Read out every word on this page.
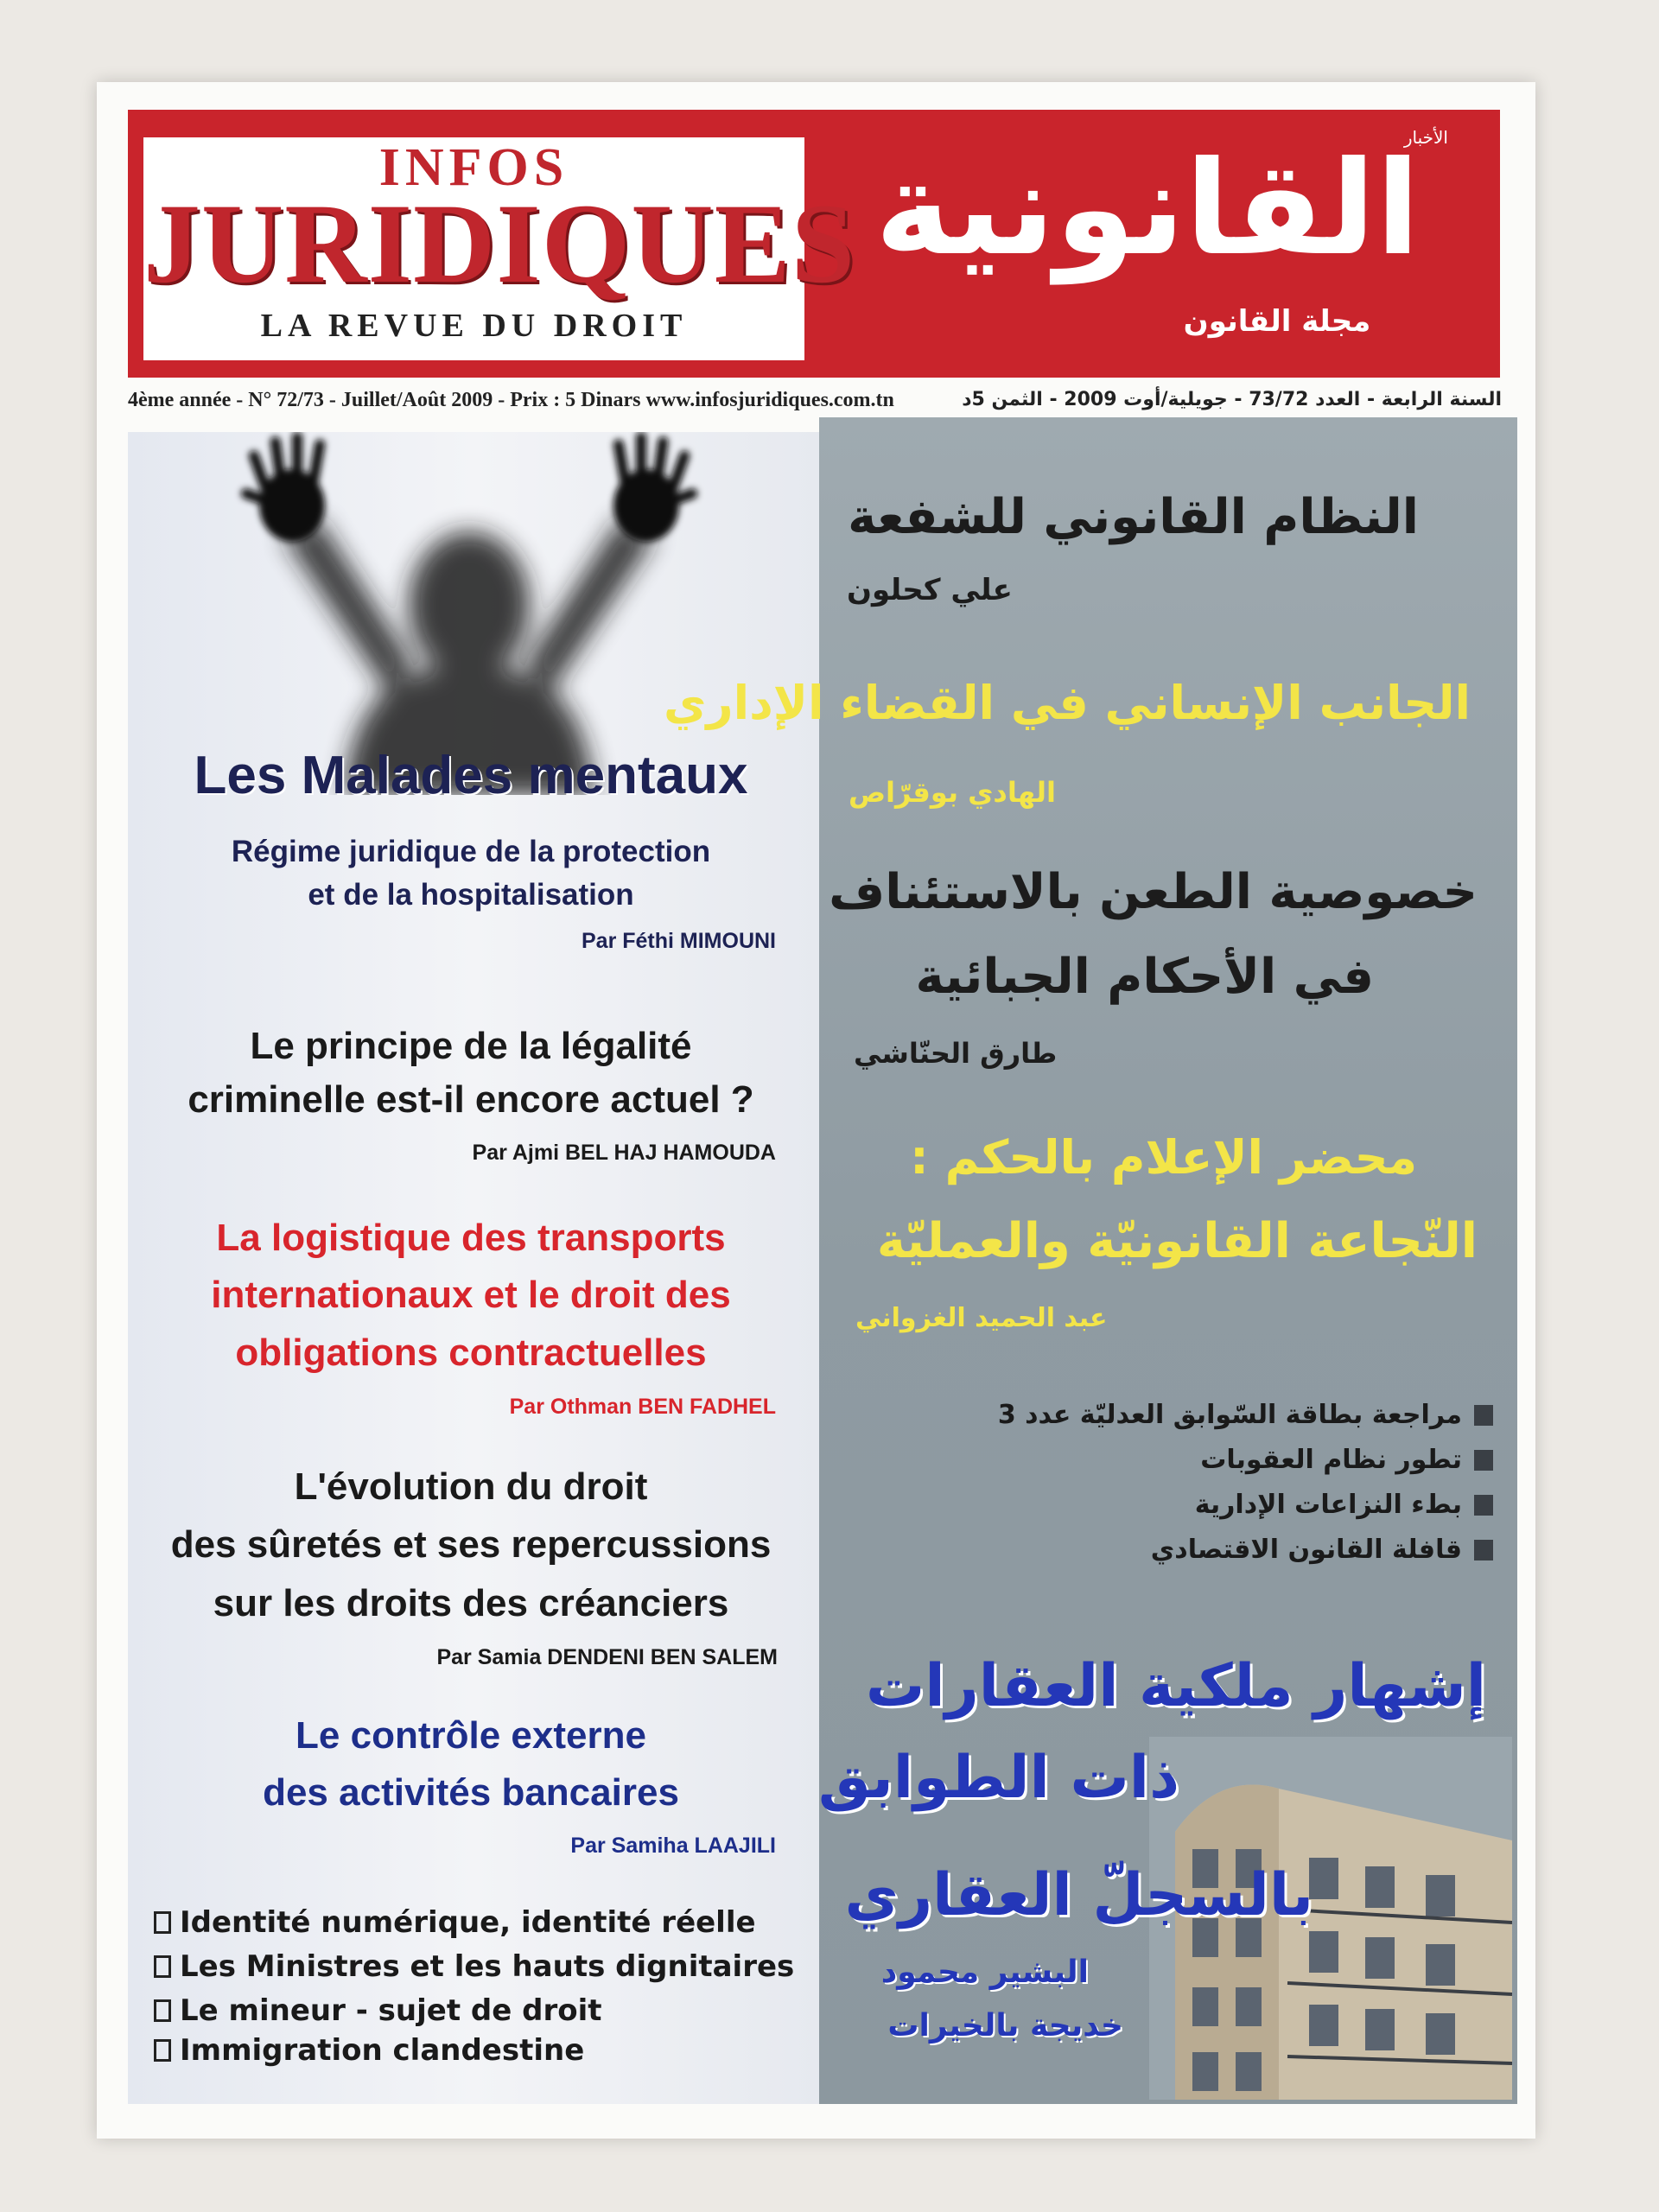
INFOS
JURIDIQUES
LA REVUE DU DROIT
الأخبار
القانونية
مجلة القانون
4ème année - N° 72/73 - Juillet/Août 2009 - Prix : 5 Dinars www.infosjuridiques.com.tn	السنة الرابعة - العدد 73/72 - جويلية/أوت 2009 - الثمن 5د
Les Malades mentaux
Régime juridique de la protection
et de la hospitalisation
Par Féthi MIMOUNI
Le principe de la légalité
criminelle est-il encore actuel ?
Par Ajmi BEL HAJ HAMOUDA
La logistique des transports
internationaux et le droit des
obligations contractuelles
Par Othman BEN FADHEL
L'évolution du droit
des sûretés et ses repercussions
sur les droits des créanciers
Par Samia DENDENI BEN SALEM
Le contrôle externe
des activités bancaires
Par Samiha LAAJILI
Identité numérique, identité réelle
Les Ministres et les hauts dignitaires
Le mineur - sujet de droit
Immigration clandestine
النظام القانوني للشفعة
علي كحلون
الجانب الإنساني في القضاء الإداري
الهادي بوقرّاص
خصوصية الطعن بالاستئناف
في الأحكام الجبائية
طارق الحنّاشي
محضر الإعلام بالحكم :
النّجاعة القانونيّة والعمليّة
عبد الحميد الغزواني
مراجعة بطاقة السّوابق العدليّة عدد 3
تطور نظام العقوبات
بطء النزاعات الإدارية
قافلة القانون الاقتصادي
إشهار ملكية العقارات
ذات الطوابق
بالسجلّ العقاري
البشير محمود
خديجة بالخيرات
